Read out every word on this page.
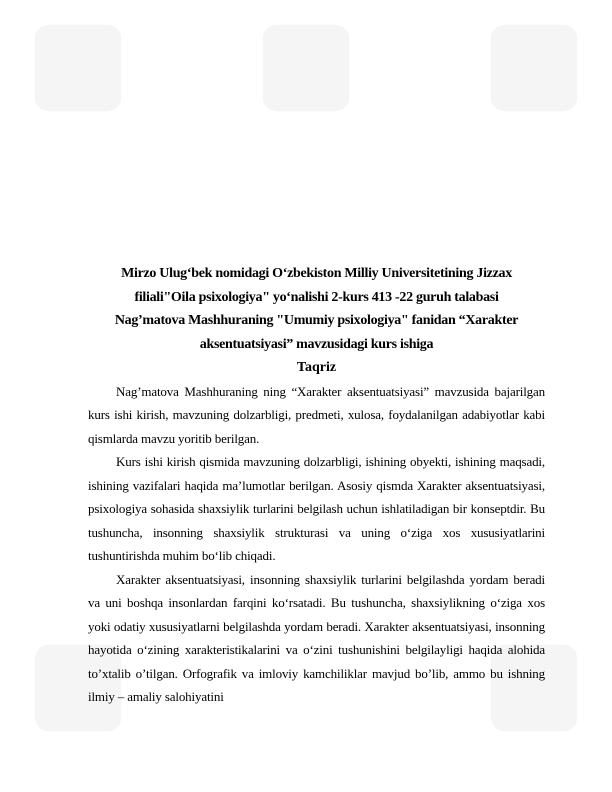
Mirzo Ulug‘bek nomidagi O‘zbekiston Milliy Universitetining Jizzax
filiali"Oila psixologiya" yo‘nalishi 2-kurs 413 -22 guruh talabasi
Nag’matova Mashhuraning "Umumiy psixologiya" fanidan “Xarakter
aksentuatsiyasi” mavzusidagi kurs ishiga
Taqriz

Nag’matova Mashhuraning ning “Xarakter aksentuatsiyasi” mavzusida bajarilgan kurs ishi kirish, mavzuning dolzarbligi, predmeti, xulosa, foydalanilgan adabiyotlar kabi qismlarda mavzu yoritib berilgan.

Kurs ishi kirish qismida mavzuning dolzarbligi, ishining obyekti, ishining maqsadi, ishining vazifalari haqida ma’lumotlar berilgan. Asosiy qismda Xarakter aksentuatsiyasi, psixologiya sohasida shaxsiylik turlarini belgilash uchun ishlatiladigan bir konseptdir. Bu tushuncha, insonning shaxsiylik strukturasi va uning o‘ziga xos xususiyatlarini tushuntirishda muhim bo‘lib chiqadi.

Xarakter aksentuatsiyasi, insonning shaxsiylik turlarini belgilashda yordam beradi va uni boshqa insonlardan farqini ko‘rsatadi. Bu tushuncha, shaxsiylikning o‘ziga xos yoki odatiy xususiyatlarni belgilashda yordam beradi. Xarakter aksentuatsiyasi, insonning hayotida o‘zining xarakteristikalarini va o‘zini tushunishini belgilayligi haqida alohida to’xtalib o’tilgan. Orfografik va imloviy kamchiliklar mavjud bo’lib, ammo bu ishning ilmiy – amaliy salohiyatini
